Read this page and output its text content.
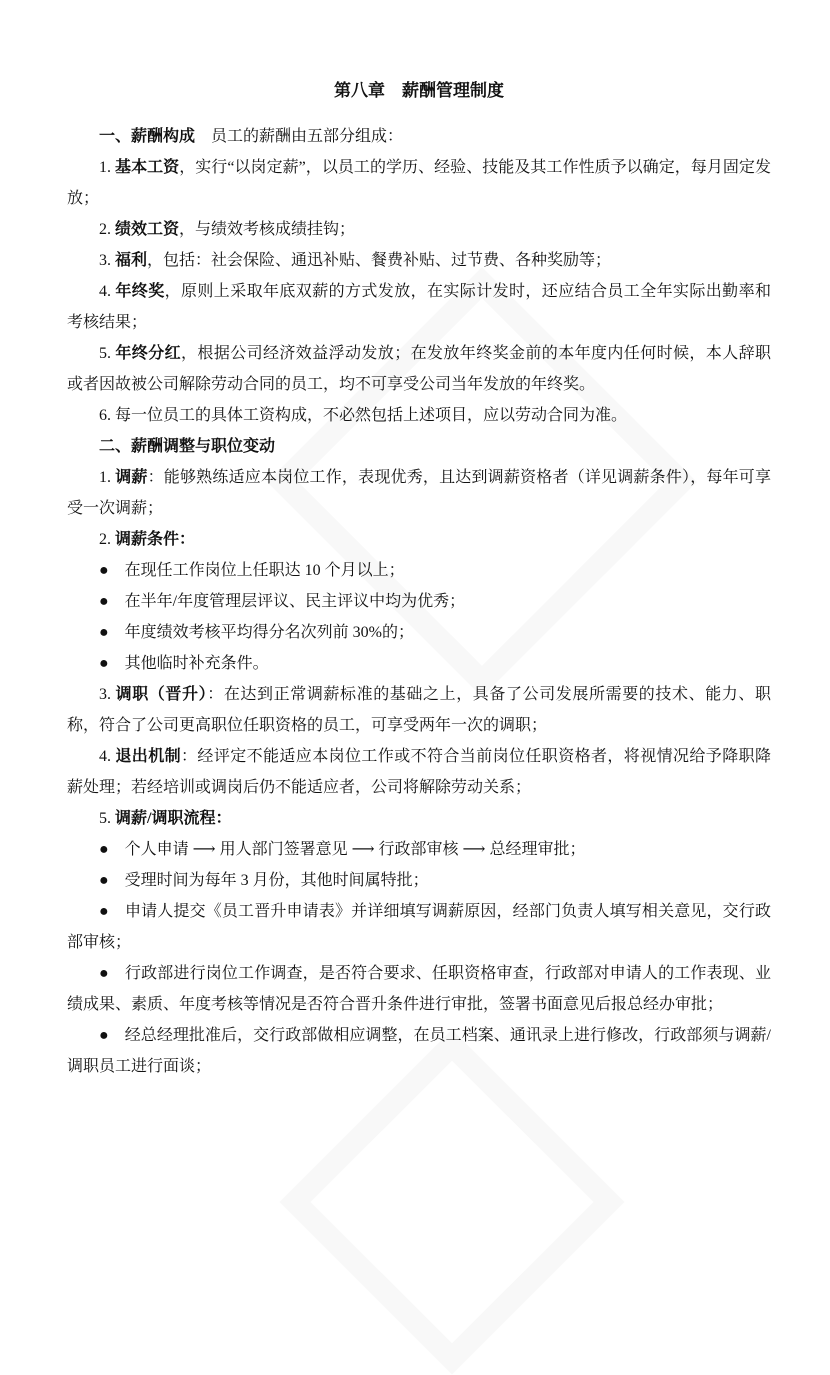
第八章　薪酬管理制度

一、薪酬构成　员工的薪酬由五部分组成：

1. 基本工资，实行“以岗定薪”，以员工的学历、经验、技能及其工作性质予以确定，每月固定发放；

2. 绩效工资，与绩效考核成绩挂钩；

3. 福利，包括：社会保险、通迅补贴、餐费补贴、过节费、各种奖励等；

4. 年终奖，原则上采取年底双薪的方式发放，在实际计发时，还应结合员工全年实际出勤率和考核结果；

5. 年终分红，根据公司经济效益浮动发放；在发放年终奖金前的本年度内任何时候，本人辞职或者因故被公司解除劳动合同的员工，均不可享受公司当年发放的年终奖。

6. 每一位员工的具体工资构成，不必然包括上述项目，应以劳动合同为准。

二、薪酬调整与职位变动

1. 调薪：能够熟练适应本岗位工作，表现优秀，且达到调薪资格者（详见调薪条件），每年可享受一次调薪；

2. 调薪条件：

●　在现任工作岗位上任职达 10 个月以上；

●　在半年/年度管理层评议、民主评议中均为优秀；

●　年度绩效考核平均得分名次列前 30%的；

●　其他临时补充条件。

3. 调职（晋升）：在达到正常调薪标准的基础之上，具备了公司发展所需要的技术、能力、职称，符合了公司更高职位任职资格的员工，可享受两年一次的调职；

4. 退出机制：经评定不能适应本岗位工作或不符合当前岗位任职资格者，将视情况给予降职降薪处理；若经培训或调岗后仍不能适应者，公司将解除劳动关系；

5. 调薪/调职流程：

●　个人申请 ⟶ 用人部门签署意见 ⟶ 行政部审核 ⟶ 总经理审批；

●　受理时间为每年 3 月份，其他时间属特批；

●　申请人提交《员工晋升申请表》并详细填写调薪原因，经部门负责人填写相关意见，交行政部审核；

●　行政部进行岗位工作调查，是否符合要求、任职资格审查，行政部对申请人的工作表现、业绩成果、素质、年度考核等情况是否符合晋升条件进行审批，签署书面意见后报总经办审批；

●　经总经理批准后，交行政部做相应调整，在员工档案、通讯录上进行修改，行政部须与调薪/调职员工进行面谈；
